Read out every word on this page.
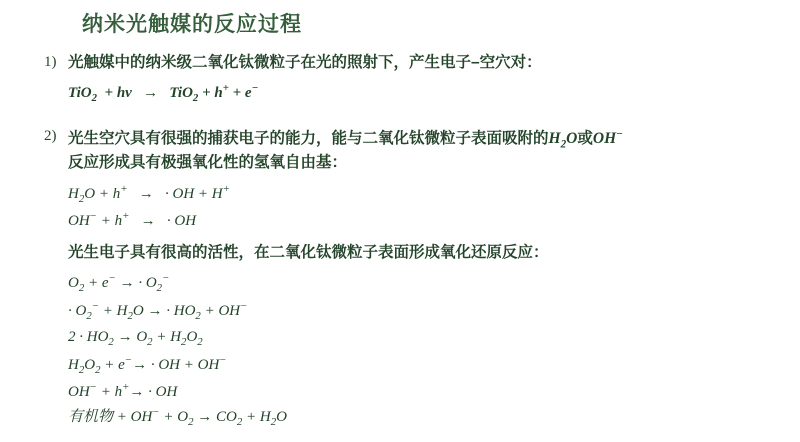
纳米光触媒的反应过程
1) 光触媒中的纳米级二氧化钛微粒子在光的照射下，产生电子–空穴对：
TiO$_2$  + hv   →   TiO$_2$ + h+ + e−
2) 光生空穴具有很强的捕获电子的能力，能与二氧化钛微粒子表面吸附的$H_2O$或OH−
反应形成具有极强氧化性的氢氧自由基：
$H_2O + h^+$   →   · OH + H+
OH− + h+   →   · OH
光生电子具有很高的活性，在二氧化钛微粒子表面形成氧化还原反应：
$O_2 + e^-$ → · $O_2^-$
· $O_2^- + H_2O$ → · $HO_2 + OH^-$
$2 \cdot HO_2 \to O_2 + H_2O_2$
$H_2O_2 + e^-\to$ · OH + OH−
OH− + h+→ · OH
有机物 + $OH^- + O_2 \to CO_2 + H_2O$
